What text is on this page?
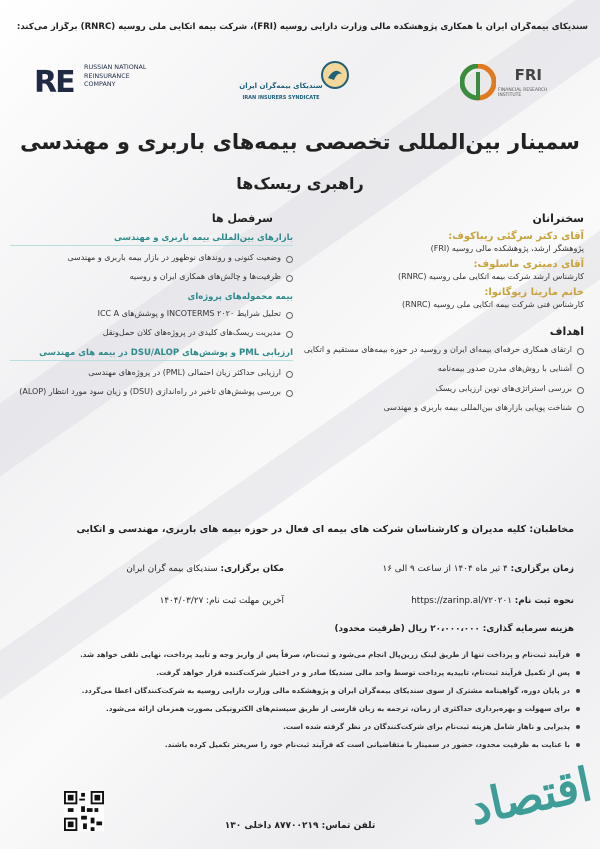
سندیکای بیمه‌گران ایران با همکاری پژوهشکده مالی وزارت دارایی روسیه (FRI)، شرکت بیمه اتکایی ملی روسیه (RNRC) برگزار می‌کند:
FRI
FINANCIAL RESEARCH INSTITUTE
سندیکای بیمه‌گران ایران
IRAN INSURERS SYNDICATE
RE RUSSIAN NATIONAL REINSURANCE COMPANY
سمینار بین‌المللی تخصصی بیمه‌های باربری و مهندسی
راهبری ریسک‌ها
سخنرانان
آقای دکتر سرگئی ریباکوف:
پژوهشگر ارشد، پژوهشکده مالی روسیه (FRI)
آقای دمیتری ماسلوف:
کارشناس ارشد شرکت بیمه اتکایی ملی روسیه (RNRC)
خانم مارینا زیوگانوا:
کارشناس فنی شرکت بیمه اتکایی ملی روسیه (RNRC)
اهداف
ارتقای همکاری حرفه‌ای بیمه‌ای ایران و روسیه در حوزه بیمه‌های مستقیم و اتکایی
آشنایی با روش‌های مدرن صدور بیمه‌نامه
بررسی استراتژی‌های نوین ارزیابی ریسک
شناخت پویایی بازارهای بین‌المللی بیمه باربری و مهندسی
سرفصل ها
بازارهای بین‌المللی بیمه باربری و مهندسی
وضعیت کنونی و روندهای نوظهور در بازار بیمه باربری و مهندسی
ظرفیت‌ها و چالش‌های همکاری ایران و روسیه
بیمه محموله‌های پروژه‌ای
تحلیل شرایط INCOTERMS ۲۰۲۰ و پوشش‌های ICC A
مدیریت ریسک‌های کلیدی در پروژه‌های کلان حمل‌ونقل
ارزیابی PML و پوشش‌های DSU/ALOP در بیمه های مهندسی
ارزیابی حداکثر زیان احتمالی (PML) در پروژه‌های مهندسی
بررسی پوشش‌های تاخیر در راه‌اندازی (DSU) و زیان سود مورد انتظار (ALOP)
مخاطبان: کلیه مدیران و کارشناسان شرکت های بیمه ای فعال در حوزه بیمه های باربری، مهندسی و اتکایی
زمان برگزاری: ۴ تیر ماه ۱۴۰۴ از ساعت ۹ الی ۱۶
مکان برگزاری: سندیکای بیمه گران ایران
نحوه ثبت نام: https://zarinp.al/۷۲۰۲۰۱
آخرین مهلت ثبت نام: ۱۴۰۴/۰۳/۲۷
هزینه سرمایه گذاری: ۲۰،۰۰۰،۰۰۰ ریال (ظرفیت محدود)
فرآیند ثبت‌نام و پرداخت تنها از طریق لینک زرین‌پال انجام می‌شود و ثبت‌نام، صرفاً پس از واریز وجه و تأیید پرداخت، نهایی تلقی خواهد شد.
پس از تکمیل فرآیند ثبت‌نام، تاییدیه پرداخت توسط واحد مالی سندیکا صادر و در اختیار شرکت‌کننده قرار خواهد گرفت.
در پایان دوره، گواهینامه مشترک از سوی سندیکای بیمه‌گران ایران و پژوهشکده مالی وزارت دارایی روسیه به شرکت‌کنندگان اعطا می‌گردد.
برای سهولت و بهره‌برداری حداکثری از زمان، ترجمه به زبان فارسی از طریق سیستم‌های الکترونیکی بصورت همزمان ارائه می‌شود.
پذیرایی و ناهار شامل هزینه ثبت‌نام برای شرکت‌کنندگان در نظر گرفته شده است.
با عنایت به ظرفیت محدود، حضور در سمینار با متقاضیانی است که فرآیند ثبت‌نام خود را سریعتر تکمیل کرده باشند.
تلفن تماس: ۸۷۷۰۰۲۱۹ داخلی ۱۳۰	اقتصاد
